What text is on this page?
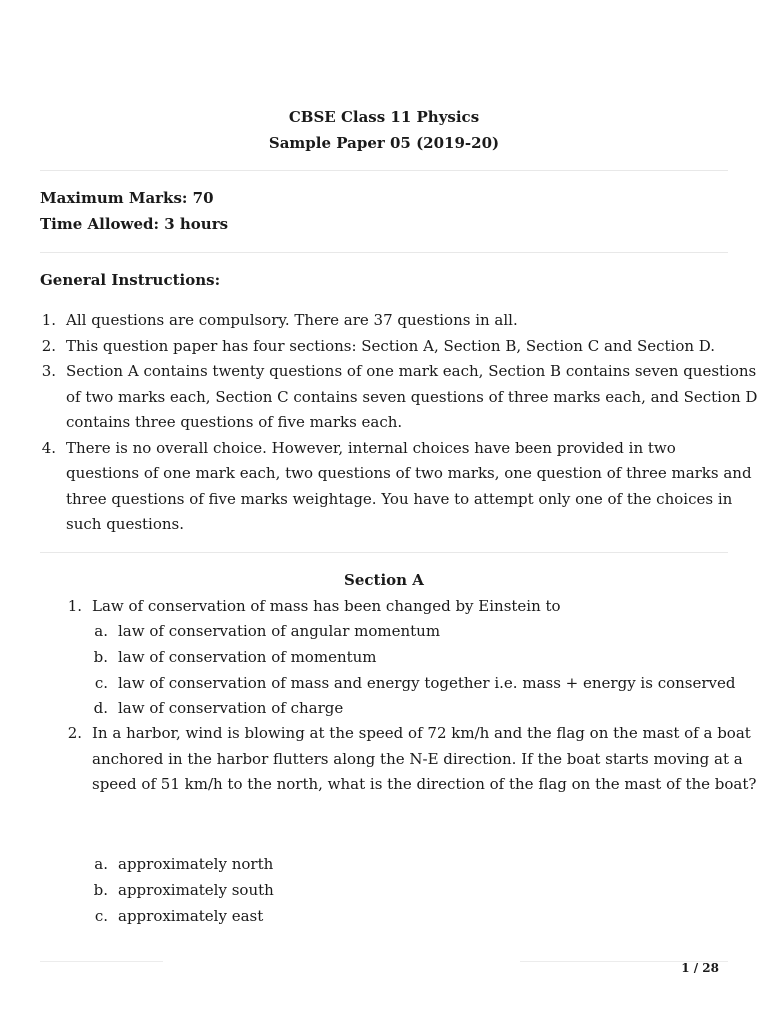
CBSE Class 11 Physics
Sample Paper 05 (2019-20)
Maximum Marks: 70
Time Allowed: 3 hours
General Instructions:
1. All questions are compulsory. There are 37 questions in all.
2. This question paper has four sections: Section A, Section B, Section C and Section D.
3. Section A contains twenty questions of one mark each, Section B contains seven questions
of two marks each, Section C contains seven questions of three marks each, and Section D
contains three questions of five marks each.
4. There is no overall choice. However, internal choices have been provided in two
questions of one mark each, two questions of two marks, one question of three marks and
three questions of five marks weightage. You have to attempt only one of the choices in
such questions.
Section A
1. Law of conservation of mass has been changed by Einstein to
a. law of conservation of angular momentum
b. law of conservation of momentum
c. law of conservation of mass and energy together i.e. mass + energy is conserved
d. law of conservation of charge
2. In a harbor, wind is blowing at the speed of 72 km/h and the flag on the mast of a boat
anchored in the harbor flutters along the N-E direction. If the boat starts moving at a
speed of 51 km/h to the north, what is the direction of the flag on the mast of the boat?
a. approximately north
b. approximately south
c. approximately east
1 / 28
